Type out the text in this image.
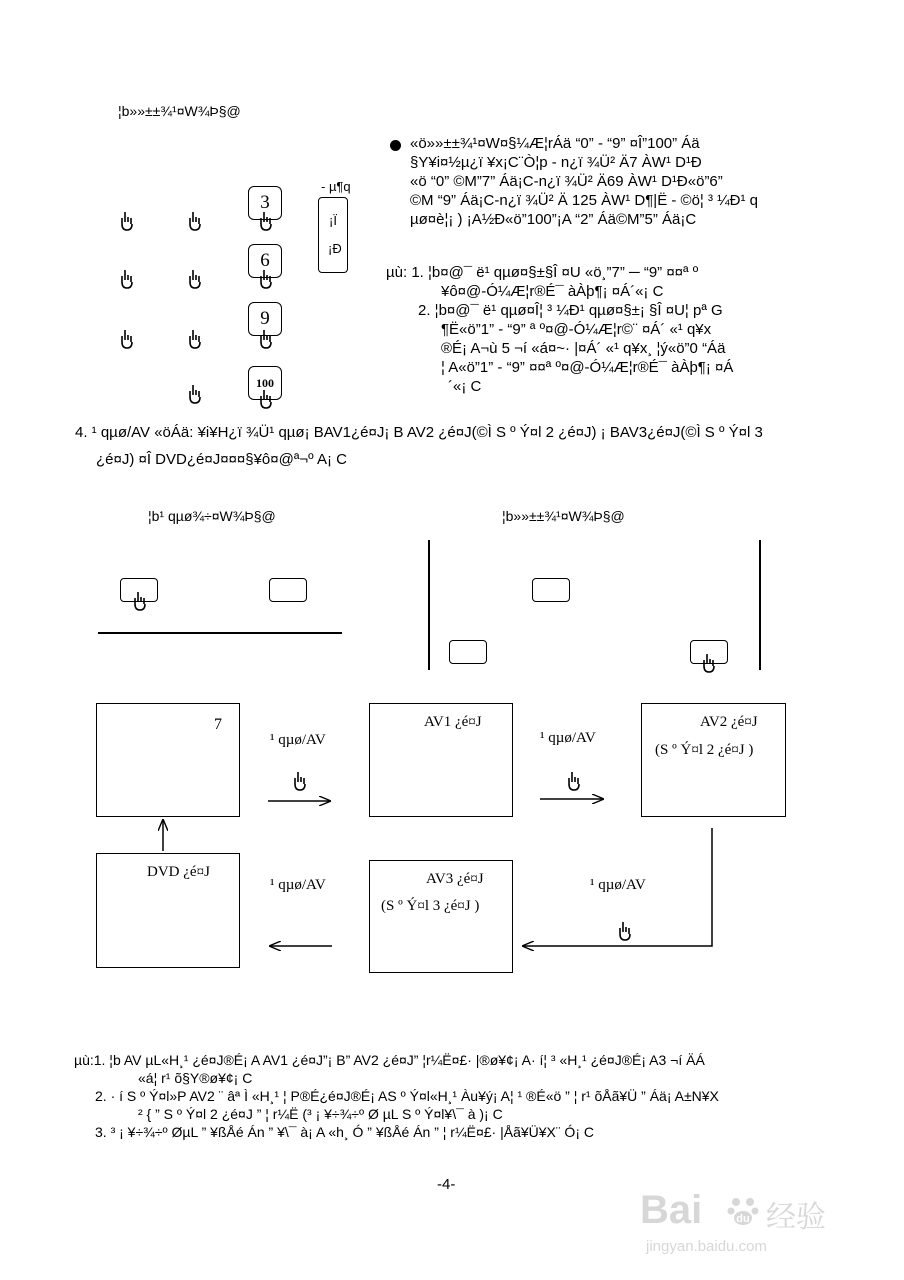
¦b»»±±¾¹¤W¾Þ§@
- µ¶q
3
6
9
100
¡Ï
¡Ð
«ö»»±±¾¹¤W¤§¼Æ¦rÁä “0” - “9” ¤Î”100” Áä
§Y¥i¤½µ¿ï ¥x¡C¨Ò¦p - n¿ï ¾Ü² Ä7 ÀW¹ D¹Ð
«ö “0” ©M”7” Áä¡C-n¿ï ¾Ü² Ä69 ÀW¹ D¹Ð«ö”6”
©M “9” Áä¡C-n¿ï ¾Ü² Ä 125 ÀW¹ D¶|Ë - ©ö¦ ³ ¼Ð¹ q
µø¤è¦¡ ) ¡A½Ð«ö”100”¡A “2” Áä©M”5” Áä¡C
µù: 1. ¦b¤@¯ ë¹ qµø¤§±§Î ¤U «ö¸”7” ─ “9” ¤¤ª º
¥ô¤@-Ó¼Æ¦r®É¯ àÀþ¶¡ ¤Á´«¡ C
2. ¦b¤@¯ ë¹ qµø¤Î¦ ³ ¼Ð¹ qµø¤§±¡ §Î ¤U¦ pª G
¶Ë«ö”1” - “9” ª º¤@-Ó¼Æ¦r©¨ ¤Á´ «¹ q¥x
®É¡ A¬ù 5 ¬í «á¤~· |¤Á´ «¹ q¥x¸ ¦ý«ö”0 “Áä
¦ A«ö”1” - “9” ¤¤ª º¤@-Ó¼Æ¦r®É¯ àÀþ¶¡ ¤Á
´«¡ C
4. ¹ qµø/AV «öÁä: ¥i¥H¿ï ¾Ü¹ qµø¡ BAV1¿é¤J¡ B AV2 ¿é¤J(©Ì S º Ý¤l 2 ¿é¤J) ¡ BAV3¿é¤J(©Ì S º Ý¤l 3
¿é¤J) ¤Î DVD¿é¤J¤¤¤§¥ô¤@ª¬º A¡ C
¦b¹ qµø¾÷¤W¾Þ§@	¦b»»±±¾¹¤W¾Þ§@
7	AV1 ¿é¤J	AV2 ¿é¤J
(S º Ý¤l 2 ¿é¤J )
DVD ¿é¤J	AV3 ¿é¤J
(S º Ý¤l 3 ¿é¤J )
¹ qµø/AV	¹ qµø/AV
¹ qµø/AV	¹ qµø/AV
µù:1. ¦b AV µL«H¸¹ ¿é¤J®É¡ A AV1 ¿é¤J”¡ B” AV2 ¿é¤J” ¦r¼Ë¤£· |®ø¥¢¡ A· í¦ ³ «H¸¹ ¿é¤J®É¡ A3 ¬í ÄÁ
«á¦ r¹ õ§Y®ø¥¢¡ C
2. · í S º Ý¤l»P AV2 ¨ âª Ì «H¸¹ ¦ P®É¿é¤J®É¡ AS º Ý¤l«H¸¹ Àu¥ý¡ A¦ ¹ ®É«ö ” ¦ r¹ õÅã¥Ü ” Áä¡ A±N¥X
² { ” S º Ý¤l 2 ¿é¤J ” ¦ r¼Ë (³ ¡ ¥÷¾÷º Ø µL S º Ý¤l¥\¯ à )¡ C
3. ³ ¡ ¥÷¾÷º ØµL ” ¥ßÅé Án ” ¥\¯ à¡ A «h¸ Ó ” ¥ßÅé Án ” ¦ r¼Ë¤£· |Åã¥Ü¥X¨ Ó¡ C
-4-
Bai	du 经验
jingyan.baidu.com
